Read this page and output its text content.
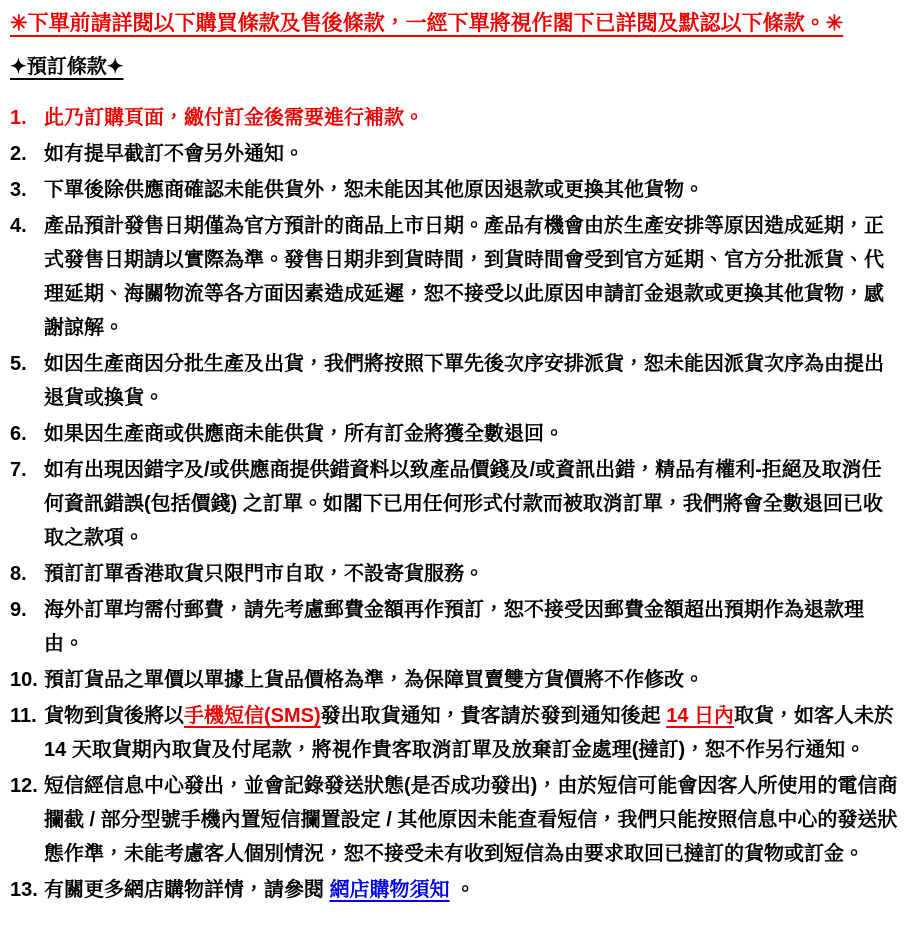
✳下單前請詳閱以下購買條款及售後條款，一經下單將視作閣下已詳閱及默認以下條款。✳

✦預訂條款✦

1. 此乃訂購頁面，繳付訂金後需要進行補款。
2. 如有提早截訂不會另外通知。
3. 下單後除供應商確認未能供貨外，恕未能因其他原因退款或更換其他貨物。
4. 產品預計發售日期僅為官方預計的商品上市日期。產品有機會由於生產安排等原因造成延期，正式發售日期請以實際為準。發售日期非到貨時間，到貨時間會受到官方延期、官方分批派貨、代理延期、海關物流等各方面因素造成延遲，恕不接受以此原因申請訂金退款或更換其他貨物，感謝諒解。
5. 如因生產商因分批生產及出貨，我們將按照下單先後次序安排派貨，恕未能因派貨次序為由提出退貨或換貨。
6. 如果因生產商或供應商未能供貨，所有訂金將獲全數退回。
7. 如有出現因錯字及/或供應商提供錯資料以致產品價錢及/或資訊出錯，精品有權利-拒絕及取消任何資訊錯誤(包括價錢) 之訂單。如閣下已用任何形式付款而被取消訂單，我們將會全數退回已收取之款項。
8. 預訂訂單香港取貨只限門市自取，不設寄貨服務。
9. 海外訂單均需付郵費，請先考慮郵費金額再作預訂，恕不接受因郵費金額超出預期作為退款理由。
10. 預訂貨品之單價以單據上貨品價格為準，為保障買賣雙方貨價將不作修改。
11. 貨物到貨後將以手機短信(SMS)發出取貨通知，貴客請於發到通知後起 14 日內取貨，如客人未於 14 天取貨期內取貨及付尾款，將視作貴客取消訂單及放棄訂金處理(撻訂)，恕不作另行通知。
12. 短信經信息中心發出，並會記錄發送狀態(是否成功發出)，由於短信可能會因客人所使用的電信商攔截 / 部分型號手機內置短信攔置設定 / 其他原因未能查看短信，我們只能按照信息中心的發送狀態作準，未能考慮客人個別情況，恕不接受未有收到短信為由要求取回已撻訂的貨物或訂金。
13. 有關更多網店購物詳情，請參閱 網店購物須知 。
